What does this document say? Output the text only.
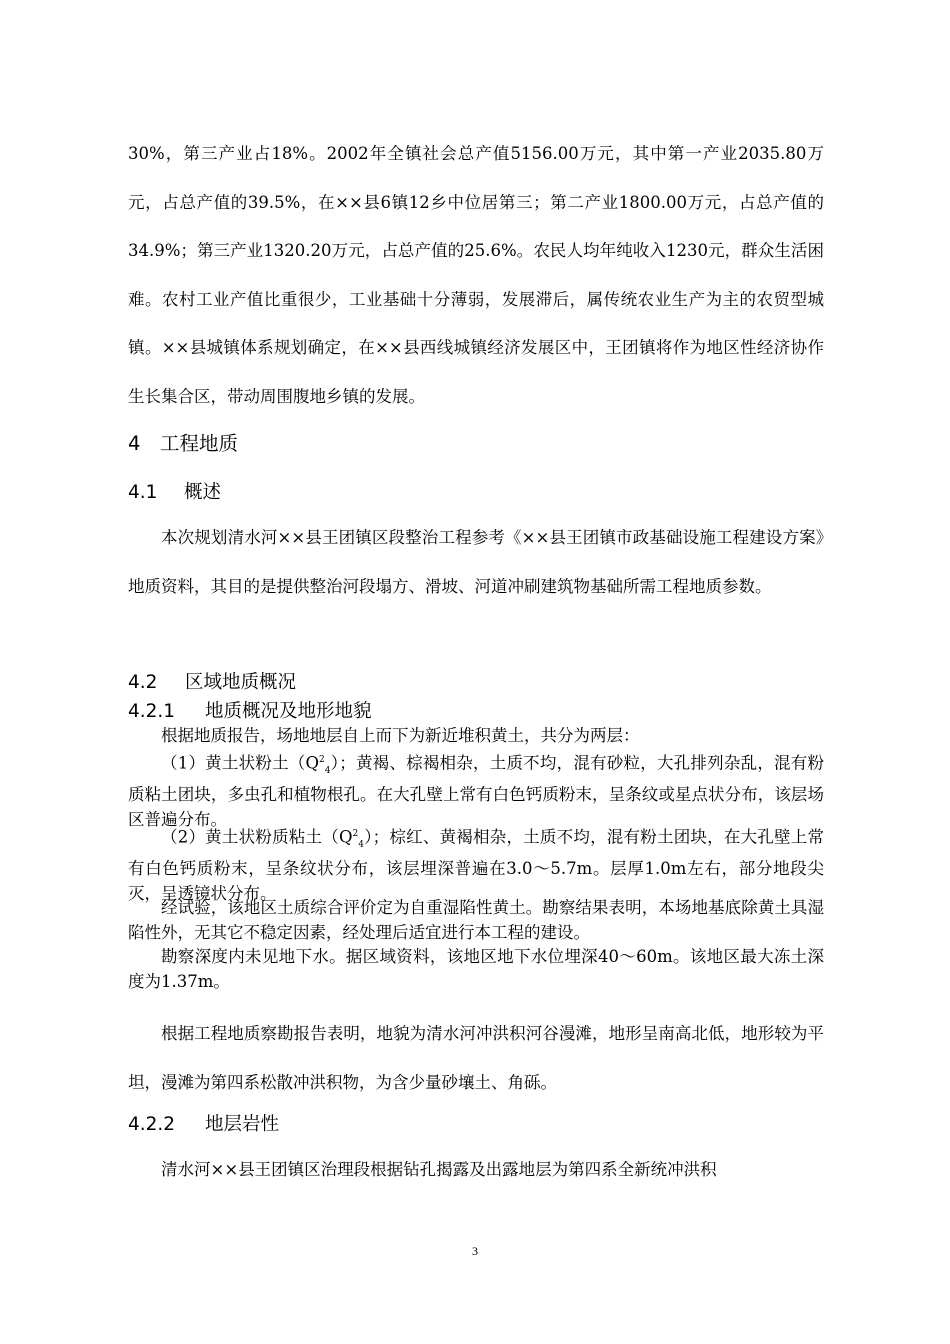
30%，第三产业占18%。2002年全镇社会总产值5156.00万元，其中第一产业2035.80万元，占总产值的39.5%，在××县6镇12乡中位居第三；第二产业1800.00万元，占总产值的34.9%；第三产业1320.20万元，占总产值的25.6%。农民人均年纯收入1230元，群众生活困难。农村工业产值比重很少，工业基础十分薄弱，发展滞后，属传统农业生产为主的农贸型城镇。××县城镇体系规划确定，在××县西线城镇经济发展区中，王团镇将作为地区性经济协作生长集合区，带动周围腹地乡镇的发展。

4 工程地质
4.1 概述

本次规划清水河××县王团镇区段整治工程参考《××县王团镇市政基础设施工程建设方案》地质资料，其目的是提供整治河段塌方、滑坡、河道冲刷建筑物基础所需工程地质参数。

4.2 区域地质概况
4.2.1 地质概况及地形地貌

根据地质报告，场地地层自上而下为新近堆积黄土，共分为两层：

（1）黄土状粉土$(Q^2_4)$；黄褐、棕褐相杂，土质不均，混有砂粒，大孔排列杂乱，混有粉质粘土团块，多虫孔和植物根孔。在大孔壁上常有白色钙质粉末，呈条纹或星点状分布，该层场区普遍分布。

（2）黄土状粉质粘土$(Q^2_4)$；棕红、黄褐相杂，土质不均，混有粉土团块，在大孔壁上常有白色钙质粉末，呈条纹状分布，该层埋深普遍在3.0～5.7m。层厚1.0m左右，部分地段尖灭，呈透镜状分布。

经试验，该地区土质综合评价定为自重湿陷性黄土。勘察结果表明，本场地基底除黄土具湿陷性外，无其它不稳定因素，经处理后适宜进行本工程的建设。

勘察深度内未见地下水。据区域资料，该地区地下水位埋深40～60m。该地区最大冻土深度为1.37m。

根据工程地质察勘报告表明，地貌为清水河冲洪积河谷漫滩，地形呈南高北低，地形较为平坦，漫滩为第四系松散冲洪积物，为含少量砂壤土、角砾。

4.2.2 地层岩性

清水河××县王团镇区治理段根据钻孔揭露及出露地层为第四系全新统冲洪积

3
